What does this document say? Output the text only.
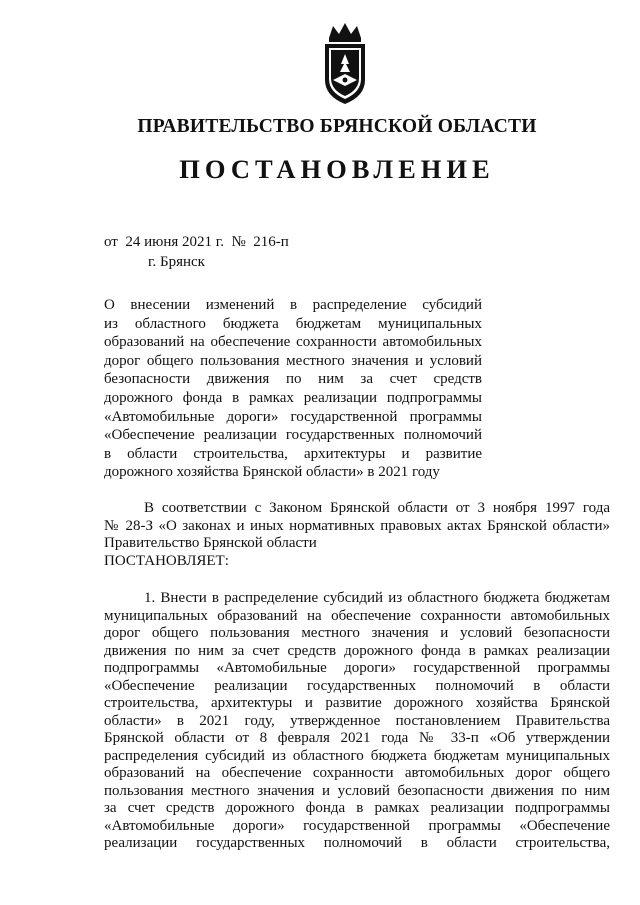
ПРАВИТЕЛЬСТВО БРЯНСКОЙ ОБЛАСТИ
ПОСТАНОВЛЕНИЕ
от  24 июня 2021 г.  №  216-п
г. Брянск
О внесении изменений в распределение субсидий
из областного бюджета бюджетам муниципальных
образований на обеспечение сохранности автомобильных
дорог общего пользования местного значения и условий
безопасности движения по ним за счет средств
дорожного фонда в рамках реализации подпрограммы
«Автомобильные дороги» государственной программы
«Обеспечение реализации государственных полномочий
в области строительства, архитектуры и развитие
дорожного хозяйства Брянской области» в 2021 году
В соответствии с Законом Брянской области от 3 ноября 1997 года
№ 28-З «О законах и иных нормативных правовых актах Брянской области»
Правительство Брянской области
ПОСТАНОВЛЯЕТ:
1. Внести в распределение субсидий из областного бюджета бюджетам
муниципальных образований на обеспечение сохранности автомобильных
дорог общего пользования местного значения и условий безопасности
движения по ним за счет средств дорожного фонда в рамках реализации
подпрограммы «Автомобильные дороги» государственной программы
«Обеспечение реализации государственных полномочий в области
строительства, архитектуры и развитие дорожного хозяйства Брянской
области» в 2021 году, утвержденное постановлением Правительства
Брянской области от 8 февраля 2021 года № 33-п «Об утверждении
распределения субсидий из областного бюджета бюджетам муниципальных
образований на обеспечение сохранности автомобильных дорог общего
пользования местного значения и условий безопасности движения по ним
за счет средств дорожного фонда в рамках реализации подпрограммы
«Автомобильные дороги» государственной программы «Обеспечение
реализации государственных полномочий в области строительства,
